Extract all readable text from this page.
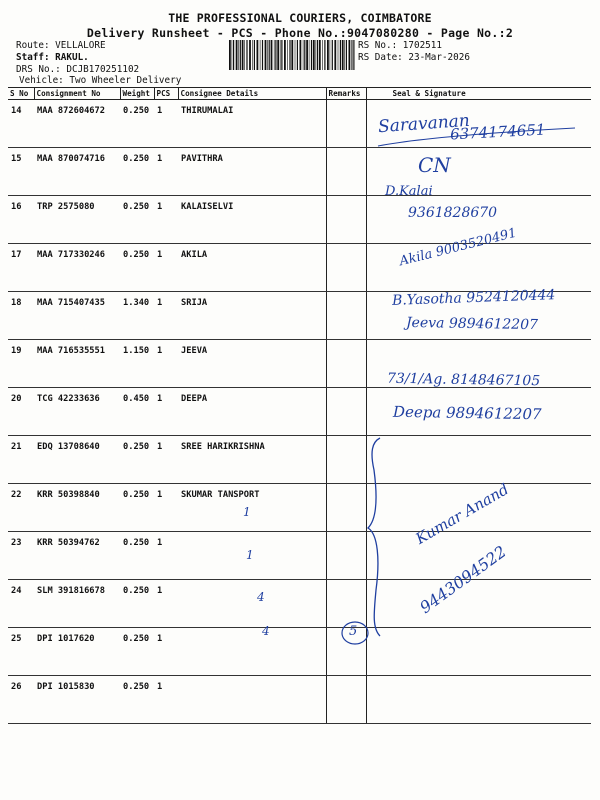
THE PROFESSIONAL COURIERS, COIMBATORE
Delivery Runsheet - PCS - Phone No.:9047080280 - Page No.:2
Route: VELLALORE
Staff: RAKUL.
DRS No.: DCJB170251102
Vehicle: Two Wheeler Delivery
RS No.: 1702511
RS Date: 23-Mar-2026
S No	Consignment No	Weight	PCS	Consignee Details	Remarks	Seal & Signature
14	MAA 872604672	0.250	1	THIRUMALAI		
15	MAA 870074716	0.250	1	PAVITHRA		
16	TRP 2575080	0.250	1	KALAISELVI		
17	MAA 717330246	0.250	1	AKILA		
18	MAA 715407435	1.340	1	SRIJA		
19	MAA 716535551	1.150	1	JEEVA		
20	TCG 42233636	0.450	1	DEEPA		
21	EDQ 13708640	0.250	1	SREE HARIKRISHNA		
22	KRR 50398840	0.250	1	SKUMAR TANSPORT		
23	KRR 50394762	0.250	1			
24	SLM 391816678	0.250	1			
25	DPI 1017620	0.250	1			
26	DPI 1015830	0.250	1			
Saravanan
6374174651
CN
D.Kalai
9361828670
Akila 9003520491
B.Yasotha 9524120444
Jeeva 9894612207
73/1/Ag. 8148467105
Deepa 9894612207
Kumar Anand
9443094522
1
1
4
4	5
